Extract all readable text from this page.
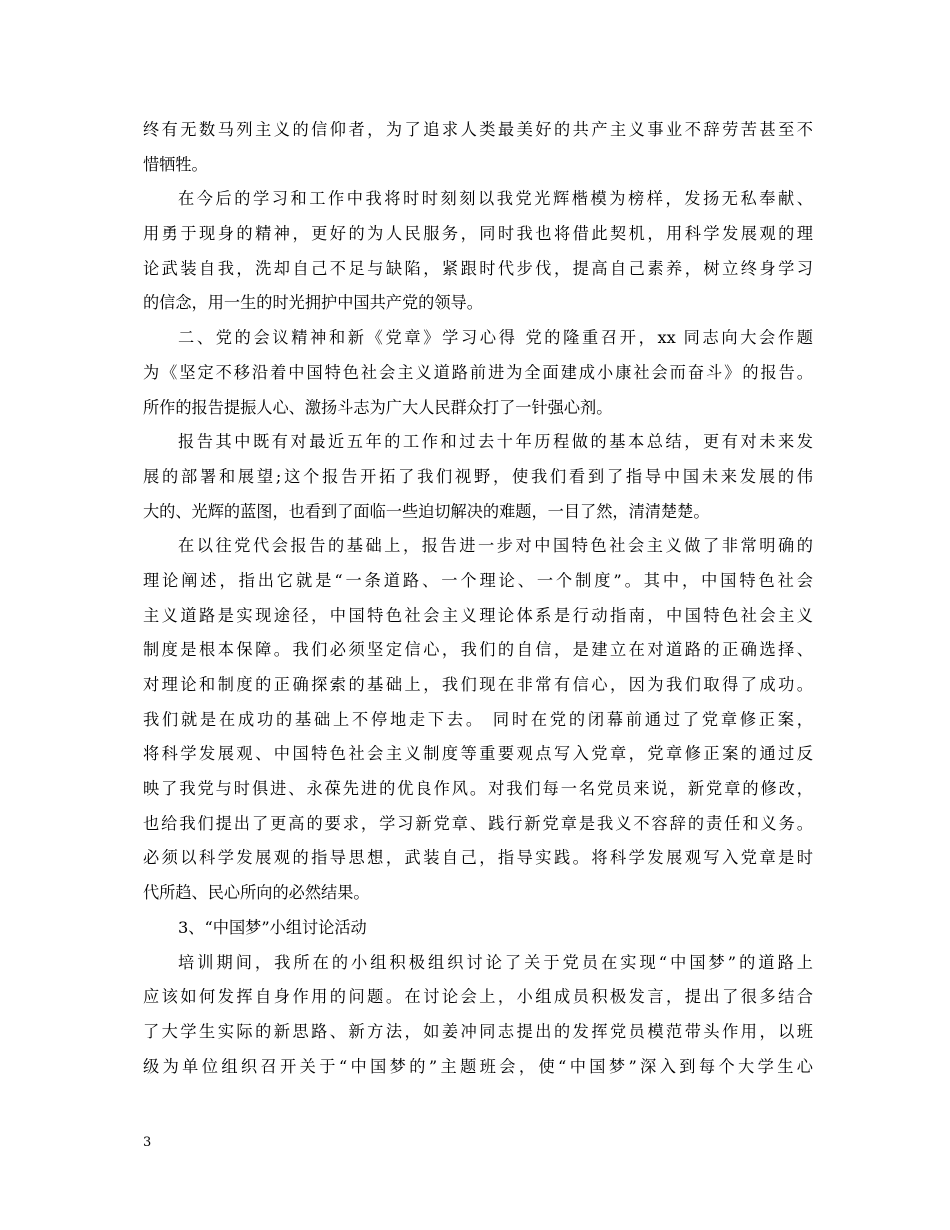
终有无数马列主义的信仰者，为了追求人类最美好的共产主义事业不辞劳苦甚至不
惜牺牲。
在今后的学习和工作中我将时时刻刻以我党光辉楷模为榜样，发扬无私奉献、
用勇于现身的精神，更好的为人民服务，同时我也将借此契机，用科学发展观的理
论武装自我，洗却自己不足与缺陷，紧跟时代步伐，提高自己素养，树立终身学习
的信念，用一生的时光拥护中国共产党的领导。
二、党的会议精神和新《党章》学习心得 党的隆重召开，xx 同志向大会作题
为《坚定不移沿着中国特色社会主义道路前进为全面建成小康社会而奋斗》的报告。
所作的报告提振人心、激扬斗志为广大人民群众打了一针强心剂。
报告其中既有对最近五年的工作和过去十年历程做的基本总结，更有对未来发
展的部署和展望;这个报告开拓了我们视野，使我们看到了指导中国未来发展的伟
大的、光辉的蓝图，也看到了面临一些迫切解决的难题，一目了然，清清楚楚。
在以往党代会报告的基础上，报告进一步对中国特色社会主义做了非常明确的
理论阐述，指出它就是“一条道路、一个理论、一个制度”。其中，中国特色社会
主义道路是实现途径，中国特色社会主义理论体系是行动指南，中国特色社会主义
制度是根本保障。我们必须坚定信心，我们的自信，是建立在对道路的正确选择、
对理论和制度的正确探索的基础上，我们现在非常有信心，因为我们取得了成功。
我们就是在成功的基础上不停地走下去。 同时在党的闭幕前通过了党章修正案，
将科学发展观、中国特色社会主义制度等重要观点写入党章，党章修正案的通过反
映了我党与时俱进、永葆先进的优良作风。对我们每一名党员来说，新党章的修改，
也给我们提出了更高的要求，学习新党章、践行新党章是我义不容辞的责任和义务。
必须以科学发展观的指导思想，武装自己，指导实践。将科学发展观写入党章是时
代所趋、民心所向的必然结果。
3、“中国梦”小组讨论活动
培训期间，我所在的小组积极组织讨论了关于党员在实现“中国梦”的道路上
应该如何发挥自身作用的问题。在讨论会上，小组成员积极发言，提出了很多结合
了大学生实际的新思路、新方法，如姜冲同志提出的发挥党员模范带头作用，以班
级为单位组织召开关于“中国梦的”主题班会，使“中国梦”深入到每个大学生心
3
